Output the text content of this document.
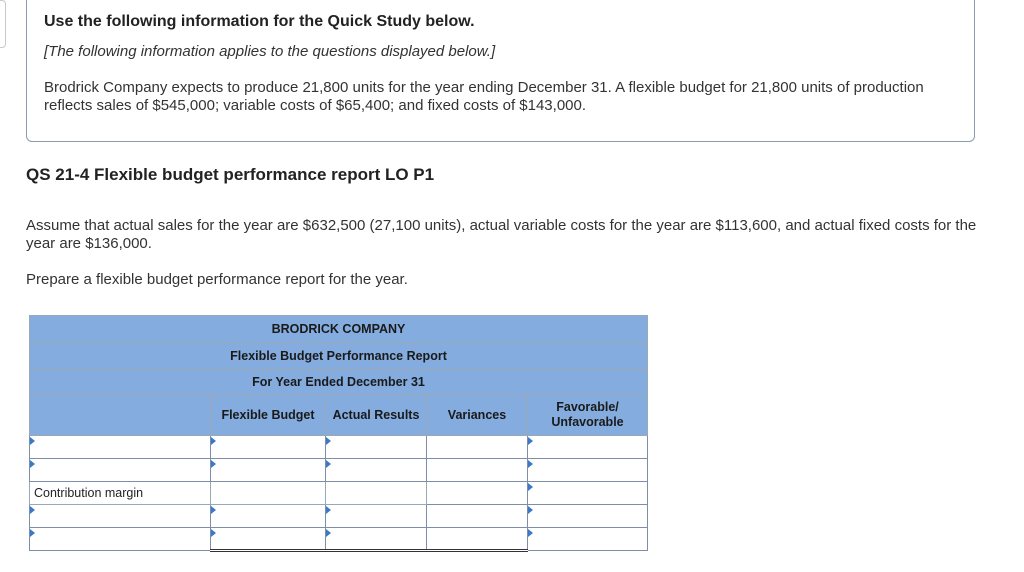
Use the following information for the Quick Study below.

[The following information applies to the questions displayed below.]

Brodrick Company expects to produce 21,800 units for the year ending December 31. A flexible budget for 21,800 units of production reflects sales of $545,000; variable costs of $65,400; and fixed costs of $143,000.

QS 21-4 Flexible budget performance report LO P1

Assume that actual sales for the year are $632,500 (27,100 units), actual variable costs for the year are $113,600, and actual fixed costs for the year are $136,000.

Prepare a flexible budget performance report for the year.

BRODRICK COMPANY				
Flexible Budget Performance Report				
For Year Ended December 31				
	Flexible Budget	Actual Results	Variances	Favorable/ Unfavorable

Contribution margin				
